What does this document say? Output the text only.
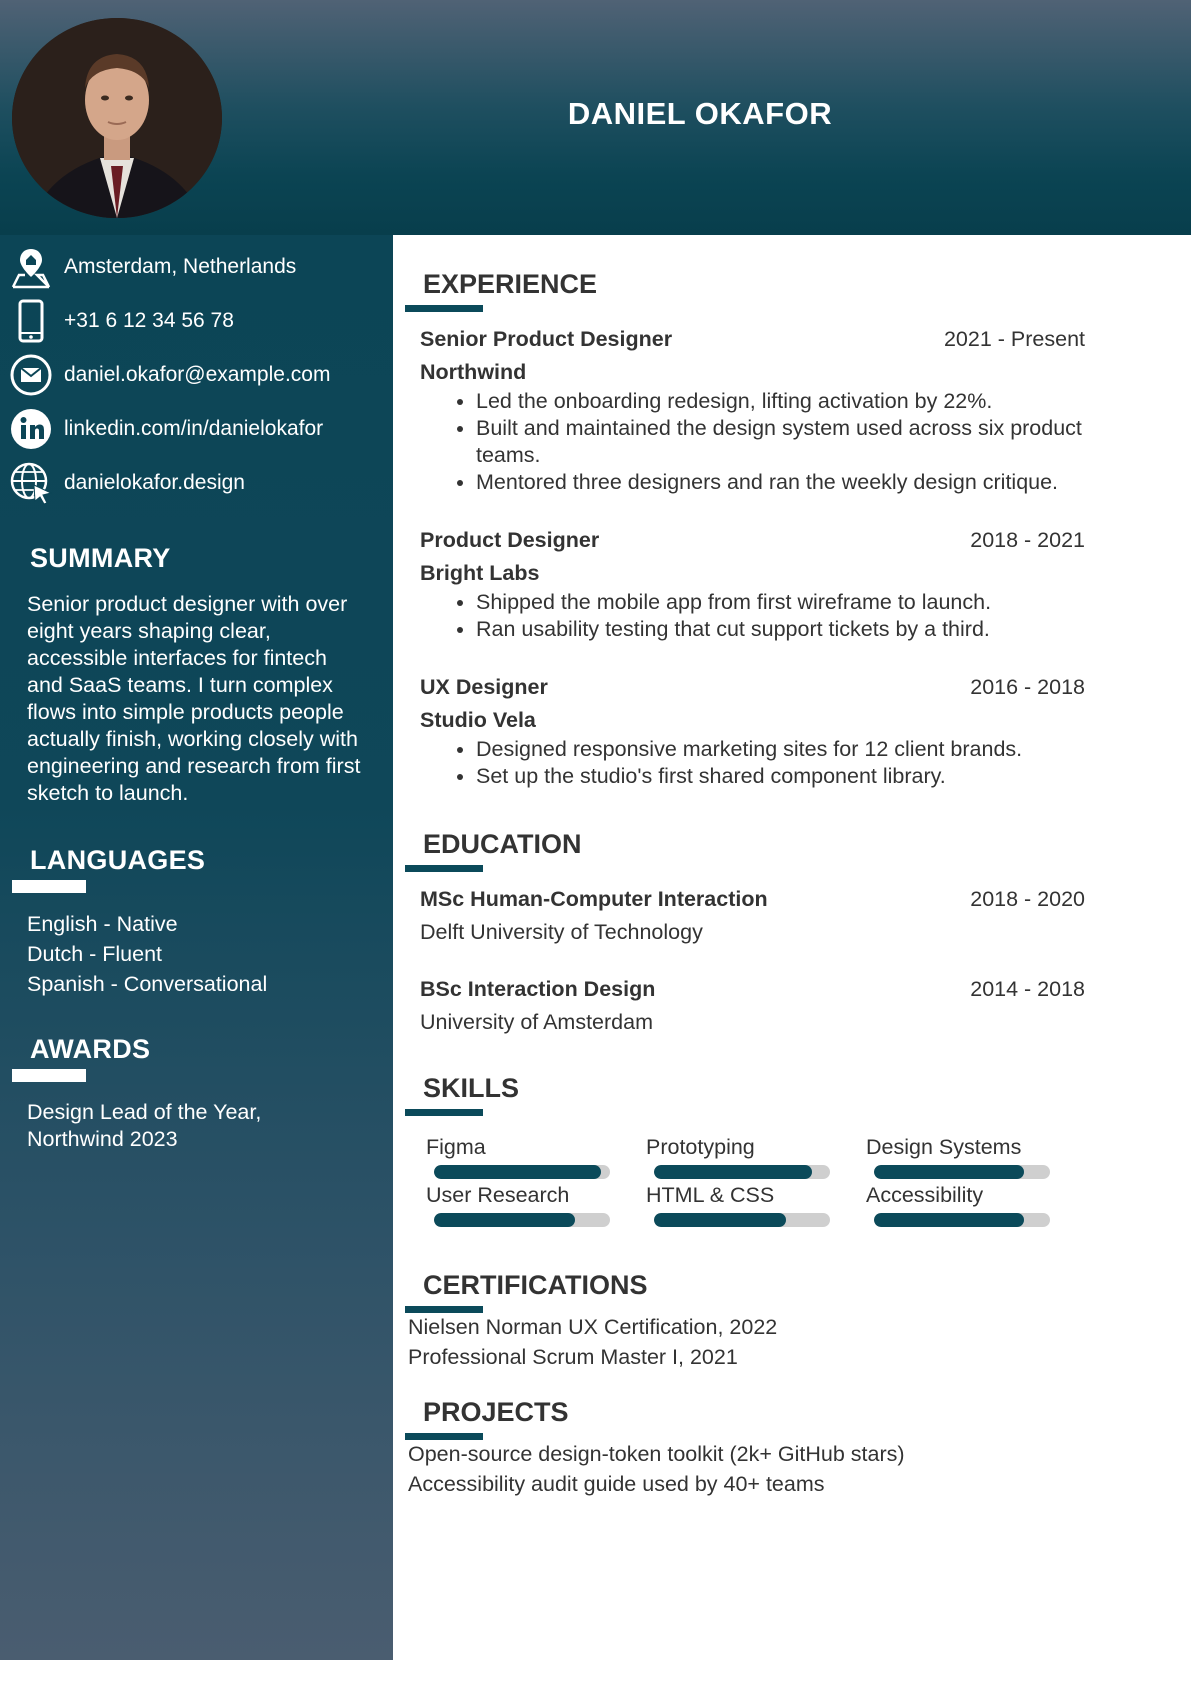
DANIEL OKAFOR
Amsterdam, Netherlands
+31 6 12 34 56 78
daniel.okafor@example.com
linkedin.com/in/danielokafor
danielokafor.design
SUMMARY
Senior product designer with over eight years shaping clear, accessible interfaces for fintech and SaaS teams. I turn complex flows into simple products people actually finish, working closely with engineering and research from first sketch to launch.
LANGUAGES
English - Native
Dutch - Fluent
Spanish - Conversational
AWARDS
Design Lead of the Year, Northwind 2023
EXPERIENCE
Senior Product Designer	2021 - Present
Northwind
• Led the onboarding redesign, lifting activation by 22%.
• Built and maintained the design system used across six product teams.
• Mentored three designers and ran the weekly design critique.
Product Designer	2018 - 2021
Bright Labs
• Shipped the mobile app from first wireframe to launch.
• Ran usability testing that cut support tickets by a third.
UX Designer	2016 - 2018
Studio Vela
• Designed responsive marketing sites for 12 client brands.
• Set up the studio's first shared component library.
EDUCATION
MSc Human-Computer Interaction	2018 - 2020
Delft University of Technology
BSc Interaction Design	2014 - 2018
University of Amsterdam
SKILLS
Figma	Prototyping	Design Systems
User Research	HTML & CSS	Accessibility
CERTIFICATIONS
Nielsen Norman UX Certification, 2022
Professional Scrum Master I, 2021
PROJECTS
Open-source design-token toolkit (2k+ GitHub stars)
Accessibility audit guide used by 40+ teams
